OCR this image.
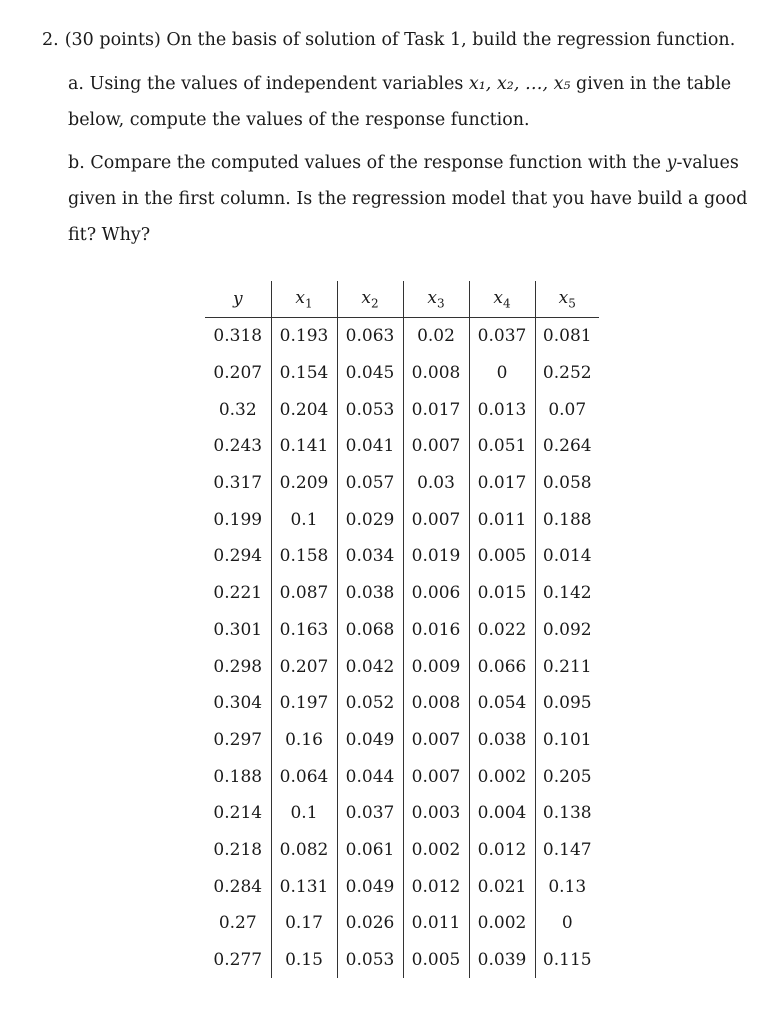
2. (30 points) On the basis of solution of Task 1, build the regression function.
a. Using the values of independent variables x₁, x₂, …, x₅ given in the table below, compute the values of the response function.
b. Compare the computed values of the response function with the y-values given in the first column. Is the regression model that you have build a good fit? Why?
y	$x_1$	$x_2$	$x_3$	$x_4$	$x_5$
0.318	0.193	0.063	0.02	0.037	0.081
0.207	0.154	0.045	0.008	0	0.252
0.32	0.204	0.053	0.017	0.013	0.07
0.243	0.141	0.041	0.007	0.051	0.264
0.317	0.209	0.057	0.03	0.017	0.058
0.199	0.1	0.029	0.007	0.011	0.188
0.294	0.158	0.034	0.019	0.005	0.014
0.221	0.087	0.038	0.006	0.015	0.142
0.301	0.163	0.068	0.016	0.022	0.092
0.298	0.207	0.042	0.009	0.066	0.211
0.304	0.197	0.052	0.008	0.054	0.095
0.297	0.16	0.049	0.007	0.038	0.101
0.188	0.064	0.044	0.007	0.002	0.205
0.214	0.1	0.037	0.003	0.004	0.138
0.218	0.082	0.061	0.002	0.012	0.147
0.284	0.131	0.049	0.012	0.021	0.13
0.27	0.17	0.026	0.011	0.002	0
0.277	0.15	0.053	0.005	0.039	0.115
